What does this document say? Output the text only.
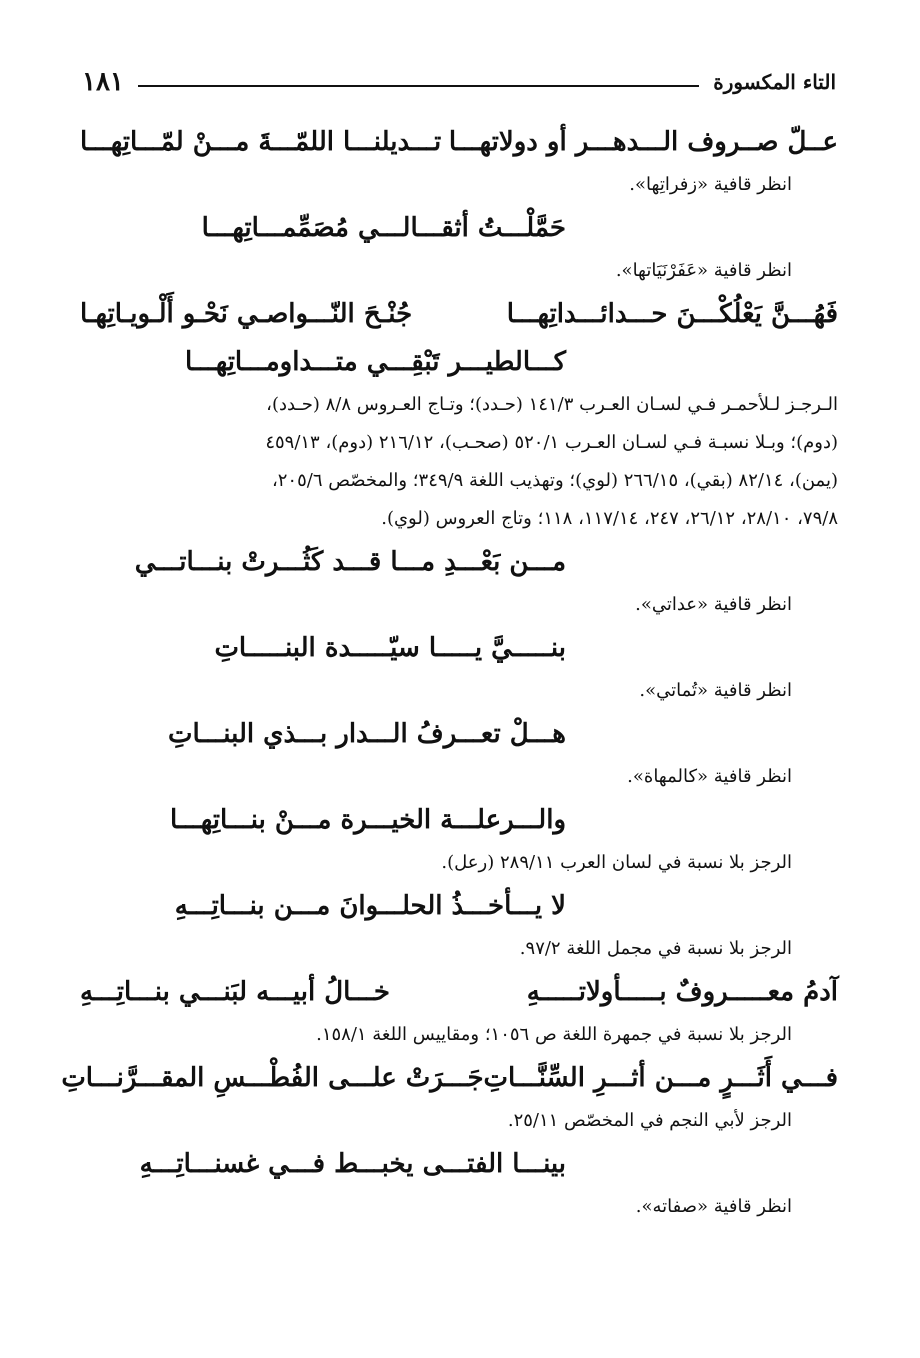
التاء المكسورة
١٨١
عــلّ صــروف الـــدهـــر أو دولاتهـــا
تـــديلنـــا اللمّـــةَ مـــنْ لمّـــاتِهـــا
انظر قافية «زفراتِها».
حَمَّلْـــتُ أثقـــالـــي مُصَمِّمـــاتِهـــا
انظر قافية «عَفَرْنَيَاتها».
فَهُـــنَّ يَعْلُكْـــنَ حـــدائـــداتِهـــا
جُنْـحَ النّـــواصـي نَحْـو أَلْـويـاتِهـا
كـــالطيـــر تَبْقِـــي متـــداومـــاتِهـــا
الـرجـز لـلأحمـر فـي لسـان العـرب ١٤١/٣ (حـدد)؛ وتـاج العـروس ٨/٨ (حـدد)،
(دوم)؛ وبـلا نسبـة فـي لسـان العـرب ٥٢٠/١ (صحـب)، ٢١٦/١٢ (دوم)، ٤٥٩/١٣
(يمن)، ٨٢/١٤ (بقي)، ٢٦٦/١٥ (لوي)؛ وتهذيب اللغة ٣٤٩/٩؛ والمخصّص ٢٠٥/٦،
٧٩/٨، ٢٨/١٠، ٢٦/١٢، ٢٤٧، ١١٧/١٤، ١١٨؛ وتاج العروس (لوي).
مـــن بَعْـــدِ مـــا قـــد كَثُـــرتْ بنـــاتـــي
انظر قافية «عداتي».
بنـــــيَّ يـــــا سيّـــــدة البنـــــاتِ
انظر قافية «تُماتي».
هـــلْ تعـــرفُ الـــدار بـــذي البنـــاتِ
انظر قافية «كالمهاة».
والـــرعلـــة الخيـــرة مـــنْ بنـــاتِهـــا
الرجز بلا نسبة في لسان العرب ٢٨٩/١١ (رعل).
لا يـــأخـــذُ الحلـــوانَ مـــن بنـــاتِـــهِ
الرجز بلا نسبة في مجمل اللغة ٩٧/٢.
آدمُ معـــــروفٌ بـــــأولاتـــــهِ
خـــالُ أبيـــه لبَنـــي بنـــاتِـــهِ
الرجز بلا نسبة في جمهرة اللغة ص ١٠٥٦؛ ومقاييس اللغة ١٥٨/١.
فـــي أَثَـــرٍ مـــن أثـــرِ السِّنَّـــاتِ
جَـــرَتْ علـــى الفُطْـــسِ المقـــرَّنـــاتِ
الرجز لأبي النجم في المخصّص ٢٥/١١.
بينـــا الفتـــى يخبـــط فـــي غسنـــاتِـــهِ
انظر قافية «صفاته».
